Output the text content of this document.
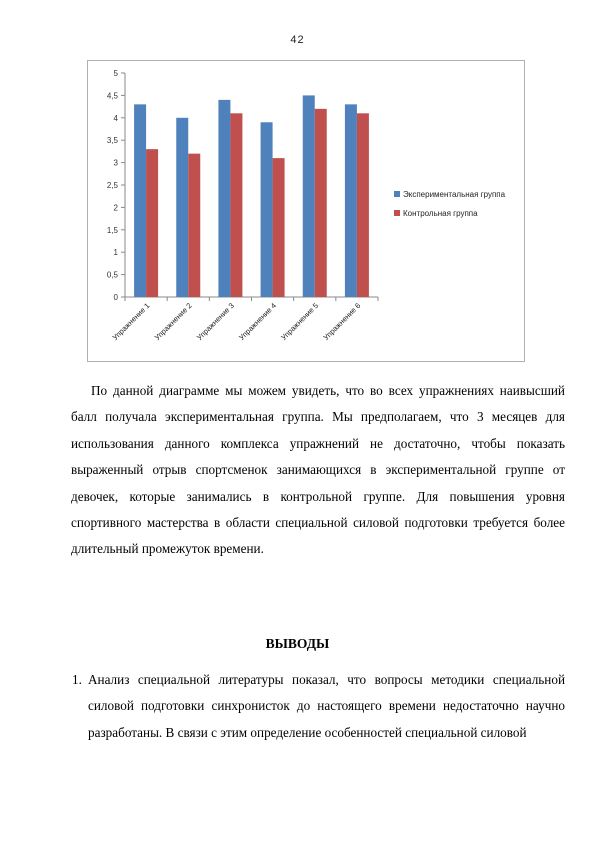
42
0
0,5
1
1,5
2
2,5
3
3,5
4
4,5
5
Упражнение 1 Упражнение 2 Упражнение 3 Упражнение 4 Упражнение 5 Упражнение 6
Экспериментальная группа
Контрольная группа

По данной диаграмме мы можем увидеть, что во всех упражнениях наивысший балл получала экспериментальная группа. Мы предполагаем, что 3 месяцев для использования данного комплекса упражнений не достаточно, чтобы показать выраженный отрыв спортсменок занимающихся в экспериментальной группе от девочек, которые занимались в контрольной группе. Для повышения уровня спортивного мастерства в области специальной силовой подготовки требуется более длительный промежуток времени.

ВЫВОДЫ
1. Анализ специальной литературы показал, что вопросы методики специальной силовой подготовки синхронисток до настоящего времени недостаточно научно разработаны. В связи с этим определение особенностей специальной силовой
